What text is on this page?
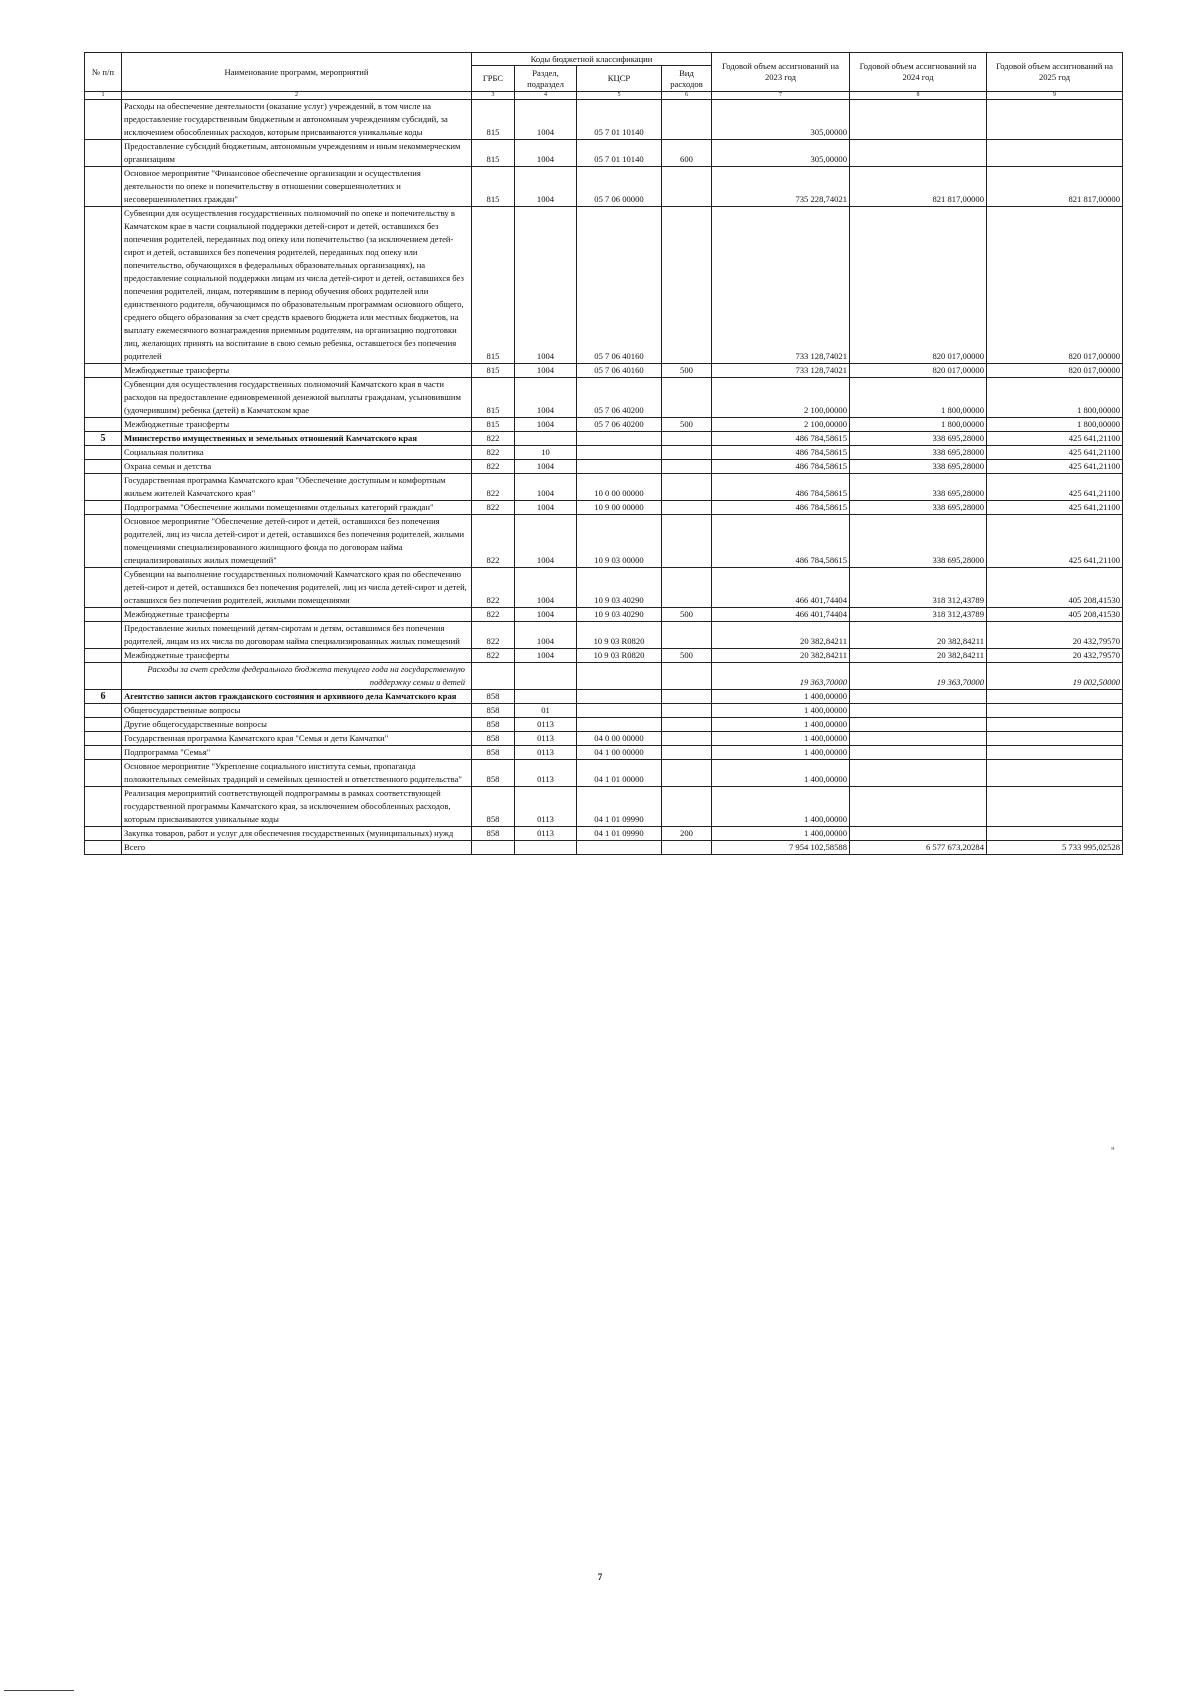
№ п/п	Наименование программ, мероприятий	Коды бюджетной классификации				Годовой объем ассигнований на 2023 год	Годовой объем ассигнований на 2024 год	Годовой объем ассигнований на 2025 год
		ГРБС	Раздел, подраздел	КЦСР	Вид расходов			
1	2	3	4	5	6	7	8	9
	Расходы на обеспечение деятельности (оказание услуг) учреждений, в том числе на предоставление государственным бюджетным и автономным учреждениям субсидий, за исключением обособленных расходов, которым присваиваются уникальные коды	815	1004	05 7 01 10140		305,00000		
	Предоставление субсидий бюджетным, автономным учреждениям и иным некоммерческим организациям	815	1004	05 7 01 10140	600	305,00000		
	Основное мероприятие "Финансовое обеспечение организации и осуществления деятельности по опеке и попечительству в отношении совершеннолетних и несовершеннолетних граждан"	815	1004	05 7 06 00000		735 228,74021	821 817,00000	821 817,00000
	Субвенции для осуществления государственных полномочий по опеке и попечительству в Камчатском крае в части социальной поддержки детей-сирот и детей, оставшихся без попечения родителей, переданных под опеку или попечительство (за исключением детей-сирот и детей, оставшихся без попечения родителей, переданных под опеку или попечительство, обучающихся в федеральных образовательных организациях), на предоставление социальной поддержки лицам из числа детей-сирот и детей, оставшихся без попечения родителей, лицам, потерявшим в период обучения обоих родителей или единственного родителя, обучающимся по образовательным программам основного общего, среднего общего образования за счет средств краевого бюджета или местных бюджетов, на выплату ежемесячного вознаграждения приемным родителям, на организацию подготовки лиц, желающих принять на воспитание в свою семью ребенка, оставшегося без попечения родителей	815	1004	05 7 06 40160		733 128,74021	820 017,00000	820 017,00000
	Межбюджетные трансферты	815	1004	05 7 06 40160	500	733 128,74021	820 017,00000	820 017,00000
	Субвенции для осуществления государственных полномочий Камчатского края в части расходов на предоставление единовременной денежной выплаты гражданам, усыновившим (удочерившим) ребенка (детей) в Камчатском крае	815	1004	05 7 06 40200		2 100,00000	1 800,00000	1 800,00000
	Межбюджетные трансферты	815	1004	05 7 06 40200	500	2 100,00000	1 800,00000	1 800,00000
5	Министерство имущественных и земельных отношений Камчатского края	822				486 784,58615	338 695,28000	425 641,21100
	Социальная политика	822	10			486 784,58615	338 695,28000	425 641,21100
	Охрана семьи и детства	822	1004			486 784,58615	338 695,28000	425 641,21100
	Государственная программа Камчатского края "Обеспечение доступным и комфортным жильем жителей Камчатского края"	822	1004	10 0 00 00000		486 784,58615	338 695,28000	425 641,21100
	Подпрограмма "Обеспечение жилыми помещениями отдельных категорий граждан"	822	1004	10 9 00 00000		486 784,58615	338 695,28000	425 641,21100
	Основное мероприятие "Обеспечение детей-сирот и детей, оставшихся без попечения родителей, лиц из числа детей-сирот и детей, оставшихся без попечения родителей, жилыми помещениями специализированного жилищного фонда по договорам найма специализированных жилых помещений"	822	1004	10 9 03 00000		486 784,58615	338 695,28000	425 641,21100
	Субвенции на выполнение государственных полномочий Камчатского края по обеспечению детей-сирот и детей, оставшихся без попечения родителей, лиц из числа детей-сирот и детей, оставшихся без попечения родителей, жилыми помещениями	822	1004	10 9 03 40290		466 401,74404	318 312,43789	405 208,41530
	Межбюджетные трансферты	822	1004	10 9 03 40290	500	466 401,74404	318 312,43789	405 208,41530
	Предоставление жилых помещений детям-сиротам и детям, оставшимся без попечения родителей, лицам из их числа по договорам найма специализированных жилых помещений	822	1004	10 9 03 R0820		20 382,84211	20 382,84211	20 432,79570
	Межбюджетные трансферты	822	1004	10 9 03 R0820	500	20 382,84211	20 382,84211	20 432,79570
	Расходы за счет средств федерального бюджета текущего года на государственную поддержку семьи и детей					19 363,70000	19 363,70000	19 002,50000
6	Агентство записи актов гражданского состояния и архивного дела Камчатского края	858				1 400,00000		
	Общегосударственные вопросы	858	01			1 400,00000		
	Другие общегосударственные вопросы	858	0113			1 400,00000		
	Государственная программа Камчатского края "Семья и дети Камчатки"	858	0113	04 0 00 00000		1 400,00000		
	Подпрограмма "Семья"	858	0113	04 1 00 00000		1 400,00000		
	Основное мероприятие "Укрепление социального института семьи, пропаганда положительных семейных традиций и семейных ценностей и ответственного родительства"	858	0113	04 1 01 00000		1 400,00000		
	Реализация мероприятий соответствующей подпрограммы в рамках соответствующей государственной программы Камчатского края, за исключением обособленных расходов, которым присваиваются уникальные коды	858	0113	04 1 01 09990		1 400,00000		
	Закупка товаров, работ и услуг для обеспечения государственных (муниципальных) нужд	858	0113	04 1 01 09990	200	1 400,00000		
	Всего					7 954 102,58588	6 577 673,20284	5 733 995,02528
"
7
